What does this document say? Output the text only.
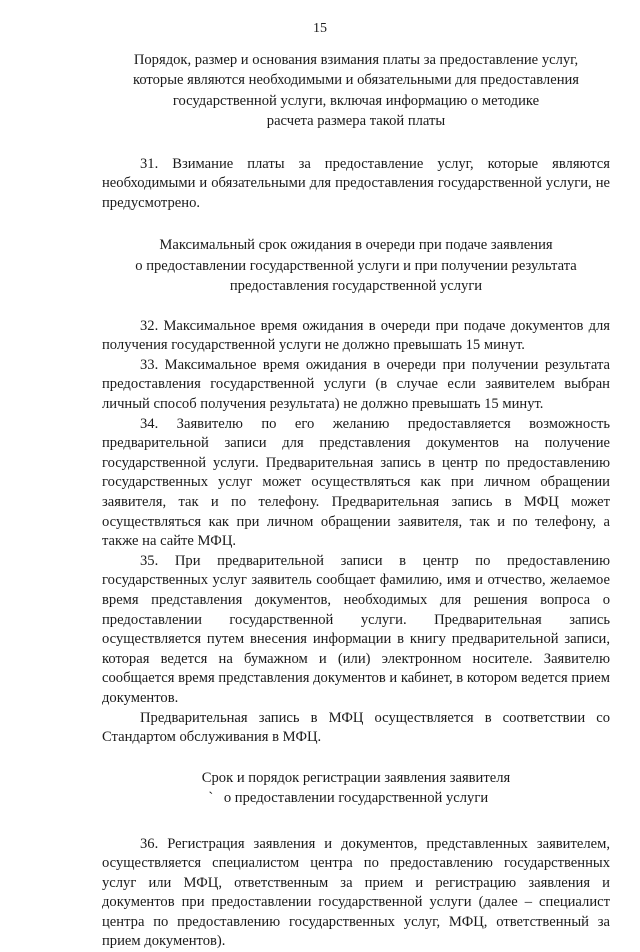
15
Порядок, размер и основания взимания платы за предоставление услуг,
которые являются необходимыми и обязательными для предоставления
государственной услуги, включая информацию о методике
расчета размера такой платы

31. Взимание платы за предоставление услуг, которые являются необходимыми и обязательными для предоставления государственной услуги, не предусмотрено.

Максимальный срок ожидания в очереди при подаче заявления
о предоставлении государственной услуги и при получении результата
предоставления государственной услуги

32. Максимальное время ожидания в очереди при подаче документов для получения государственной услуги не должно превышать 15 минут.

33. Максимальное время ожидания в очереди при получении результата предоставления государственной услуги (в случае если заявителем выбран личный способ получения результата) не должно превышать 15 минут.

34. Заявителю по его желанию предоставляется возможность предварительной записи для представления документов на получение государственной услуги. Предварительная запись в центр по предоставлению государственных услуг может осуществляться как при личном обращении заявителя, так и по телефону. Предварительная запись в МФЦ может осуществляться как при личном обращении заявителя, так и по телефону, а также на сайте МФЦ.

35. При предварительной записи в центр по предоставлению государственных услуг заявитель сообщает фамилию, имя и отчество, желаемое время представления документов, необходимых для решения вопроса о предоставлении государственной услуги. Предварительная запись осуществляется путем внесения информации в книгу предварительной записи, которая ведется на бумажном и (или) электронном носителе. Заявителю сообщается время представления документов и кабинет, в котором ведется прием документов.

Предварительная запись в МФЦ осуществляется в соответствии со Стандартом обслуживания в МФЦ.

Срок и порядок регистрации заявления заявителя
` о предоставлении государственной услуги

36. Регистрация заявления и документов, представленных заявителем, осуществляется специалистом центра по предоставлению государственных услуг или МФЦ, ответственным за прием и регистрацию заявления и документов при предоставлении государственной услуги (далее – специалист центра по предоставлению государственных услуг, МФЦ, ответственный за прием документов).
